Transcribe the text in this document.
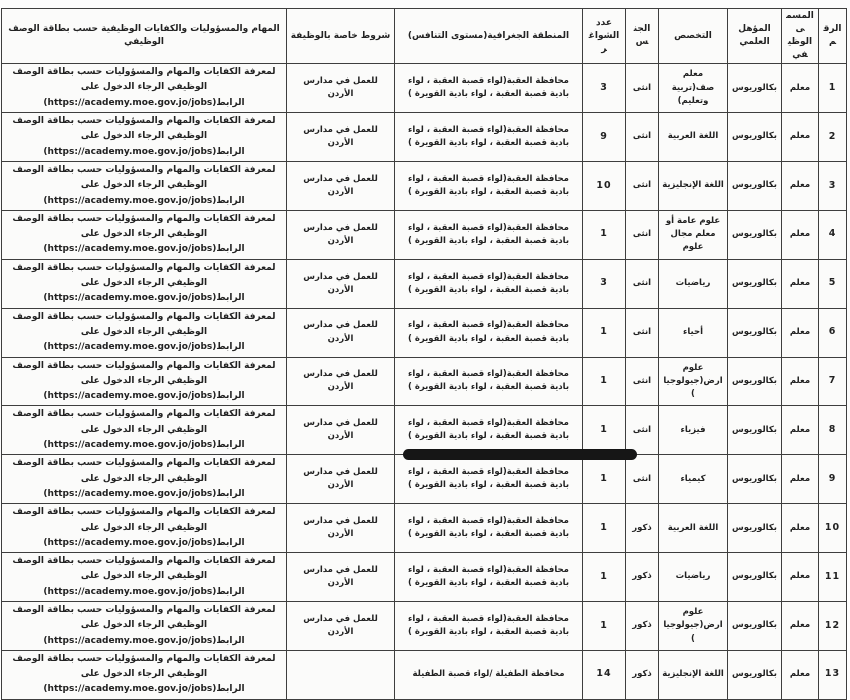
الرقم	المسمى الوظيفي	المؤهل العلمي	التخصص	الجنس	عدد الشواغر	المنطقة الجغرافية(مستوى التنافس)	شروط خاصة بالوظيفة	المهام والمسؤوليات والكفايات الوظيفية حسب بطاقة الوصف الوظيفي
1	معلم	بكالوريوس	معلم صف(تربية وتعليم)	انثى	3	محافظة العقبة(لواء قصبة العقبة ، لواء بادية قصبة العقبة ، لواء بادية القويرة )	للعمل في مدارس الأردن	لمعرفة الكفايات والمهام والمسؤوليات حسب بطاقة الوصف الوظيفي الرجاء الدخول على الرابط(https://academy.moe.gov.jo/jobs)
2	معلم	بكالوريوس	اللغة العربية	انثى	9	محافظة العقبة(لواء قصبة العقبة ، لواء بادية قصبة العقبة ، لواء بادية القويرة )	للعمل في مدارس الأردن	لمعرفة الكفايات والمهام والمسؤوليات حسب بطاقة الوصف الوظيفي الرجاء الدخول على الرابط(https://academy.moe.gov.jo/jobs)
3	معلم	بكالوريوس	اللغة الإنجليزية	انثى	10	محافظة العقبة(لواء قصبة العقبة ، لواء بادية قصبة العقبة ، لواء بادية القويرة )	للعمل في مدارس الأردن	لمعرفة الكفايات والمهام والمسؤوليات حسب بطاقة الوصف الوظيفي الرجاء الدخول على الرابط(https://academy.moe.gov.jo/jobs)
4	معلم	بكالوريوس	علوم عامة أو معلم مجال علوم	انثى	1	محافظة العقبة(لواء قصبة العقبة ، لواء بادية قصبة العقبة ، لواء بادية القويرة )	للعمل في مدارس الأردن	لمعرفة الكفايات والمهام والمسؤوليات حسب بطاقة الوصف الوظيفي الرجاء الدخول على الرابط(https://academy.moe.gov.jo/jobs)
5	معلم	بكالوريوس	رياضيات	انثى	3	محافظة العقبة(لواء قصبة العقبة ، لواء بادية قصبة العقبة ، لواء بادية القويرة )	للعمل في مدارس الأردن	لمعرفة الكفايات والمهام والمسؤوليات حسب بطاقة الوصف الوظيفي الرجاء الدخول على الرابط(https://academy.moe.gov.jo/jobs)
6	معلم	بكالوريوس	أحياء	انثى	1	محافظة العقبة(لواء قصبة العقبة ، لواء بادية قصبة العقبة ، لواء بادية القويرة )	للعمل في مدارس الأردن	لمعرفة الكفايات والمهام والمسؤوليات حسب بطاقة الوصف الوظيفي الرجاء الدخول على الرابط(https://academy.moe.gov.jo/jobs)
7	معلم	بكالوريوس	علوم ارض(جيولوجيا)	انثى	1	محافظة العقبة(لواء قصبة العقبة ، لواء بادية قصبة العقبة ، لواء بادية القويرة )	للعمل في مدارس الأردن	لمعرفة الكفايات والمهام والمسؤوليات حسب بطاقة الوصف الوظيفي الرجاء الدخول على الرابط(https://academy.moe.gov.jo/jobs)
8	معلم	بكالوريوس	فيزياء	انثى	1	محافظة العقبة(لواء قصبة العقبة ، لواء بادية قصبة العقبة ، لواء بادية القويرة )	للعمل في مدارس الأردن	لمعرفة الكفايات والمهام والمسؤوليات حسب بطاقة الوصف الوظيفي الرجاء الدخول على الرابط(https://academy.moe.gov.jo/jobs)
9	معلم	بكالوريوس	كيمياء	انثى	1	محافظة العقبة(لواء قصبة العقبة ، لواء بادية قصبة العقبة ، لواء بادية القويرة )	للعمل في مدارس الأردن	لمعرفة الكفايات والمهام والمسؤوليات حسب بطاقة الوصف الوظيفي الرجاء الدخول على الرابط(https://academy.moe.gov.jo/jobs)
10	معلم	بكالوريوس	اللغة العربية	ذكور	1	محافظة العقبة(لواء قصبة العقبة ، لواء بادية قصبة العقبة ، لواء بادية القويرة )	للعمل في مدارس الأردن	لمعرفة الكفايات والمهام والمسؤوليات حسب بطاقة الوصف الوظيفي الرجاء الدخول على الرابط(https://academy.moe.gov.jo/jobs)
11	معلم	بكالوريوس	رياضيات	ذكور	1	محافظة العقبة(لواء قصبة العقبة ، لواء بادية قصبة العقبة ، لواء بادية القويرة )	للعمل في مدارس الأردن	لمعرفة الكفايات والمهام والمسؤوليات حسب بطاقة الوصف الوظيفي الرجاء الدخول على الرابط(https://academy.moe.gov.jo/jobs)
12	معلم	بكالوريوس	علوم ارض(جيولوجيا)	ذكور	1	محافظة العقبة(لواء قصبة العقبة ، لواء بادية قصبة العقبة ، لواء بادية القويرة )	للعمل في مدارس الأردن	لمعرفة الكفايات والمهام والمسؤوليات حسب بطاقة الوصف الوظيفي الرجاء الدخول على الرابط(https://academy.moe.gov.jo/jobs)
13	معلم	بكالوريوس	اللغة الإنجليزية	ذكور	14	محافظة الطفيلة /لواء قصبة الطفيلة		لمعرفة الكفايات والمهام والمسؤوليات حسب بطاقة الوصف الوظيفي الرجاء الدخول على الرابط(https://academy.moe.gov.jo/jobs)
